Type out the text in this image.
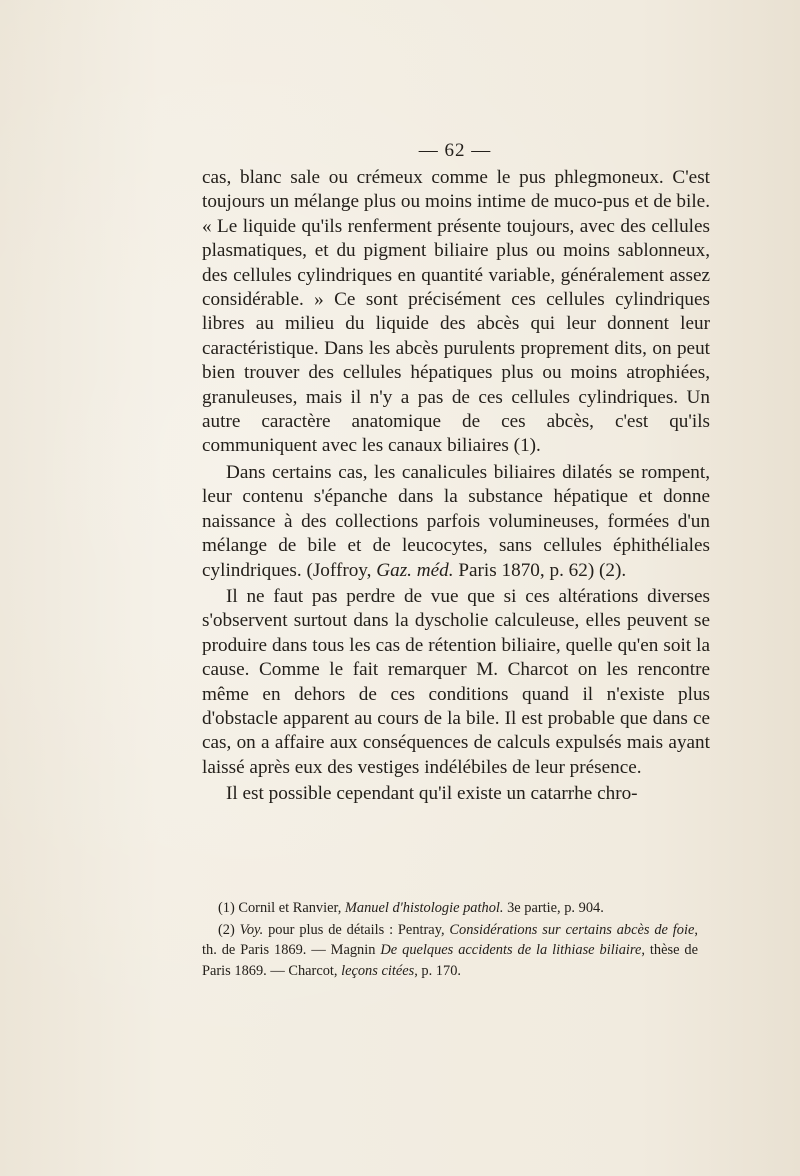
— 62 —

cas, blanc sale ou crémeux comme le pus phlegmoneux. C'est toujours un mélange plus ou moins intime de muco-pus et de bile. « Le liquide qu'ils renferment présente toujours, avec des cellules plasmatiques, et du pigment biliaire plus ou moins sablonneux, des cellules cylindriques en quantité variable, généralement assez considérable. » Ce sont précisément ces cellules cylindriques libres au milieu du liquide des abcès qui leur donnent leur caractéristique. Dans les abcès purulents proprement dits, on peut bien trouver des cellules hépatiques plus ou moins atrophiées, granuleuses, mais il n'y a pas de ces cellules cylindriques. Un autre caractère anatomique de ces abcès, c'est qu'ils communiquent avec les canaux biliaires (1).

Dans certains cas, les canalicules biliaires dilatés se rompent, leur contenu s'épanche dans la substance hépatique et donne naissance à des collections parfois volumineuses, formées d'un mélange de bile et de leucocytes, sans cellules éphithéliales cylindriques. (Joffroy, Gaz. méd. Paris 1870, p. 62) (2).

Il ne faut pas perdre de vue que si ces altérations diverses s'observent surtout dans la dyscholie calculeuse, elles peuvent se produire dans tous les cas de rétention biliaire, quelle qu'en soit la cause. Comme le fait remarquer M. Charcot on les rencontre même en dehors de ces conditions quand il n'existe plus d'obstacle apparent au cours de la bile. Il est probable que dans ce cas, on a affaire aux conséquences de calculs expulsés mais ayant laissé après eux des vestiges indélébiles de leur présence.

Il est possible cependant qu'il existe un catarrhe chro-

(1) Cornil et Ranvier, Manuel d'histologie pathol. 3e partie, p. 904.

(2) Voy. pour plus de détails : Pentray, Considérations sur certains abcès de foie, th. de Paris 1869. — Magnin De quelques accidents de la lithiase biliaire, thèse de Paris 1869. — Charcot, leçons citées, p. 170.
